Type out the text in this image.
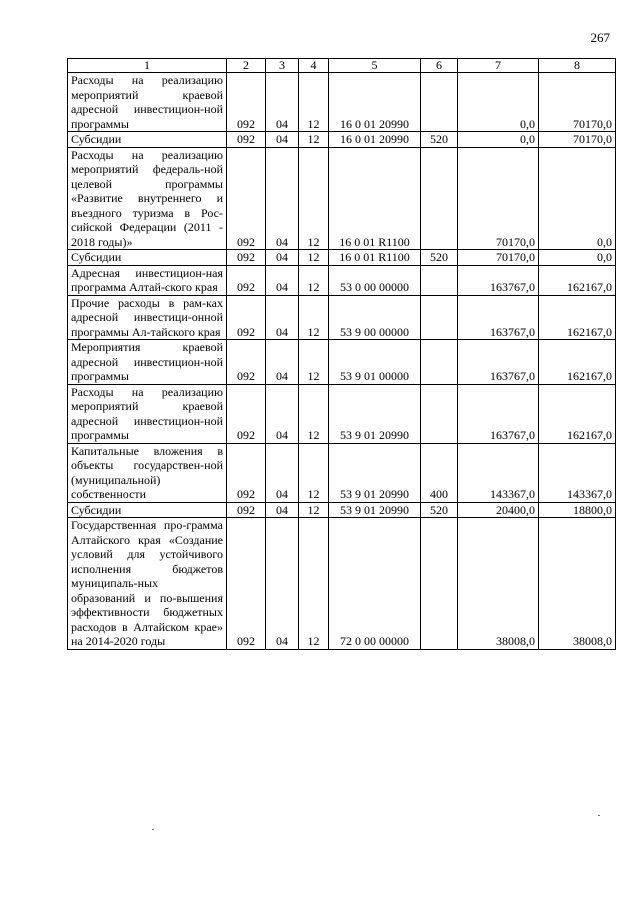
267
1	2	3	4	5	6	7	8
Расходы на реализацию мероприятий краевой адресной инвестицион-ной программы	092	04	12	16 0 01 20990		0,0	70170,0
Субсидии	092	04	12	16 0 01 20990	520	0,0	70170,0
Расходы на реализацию мероприятий федераль-ной целевой программы «Развитие внутреннего и въездного туризма в Рос-сийской Федерации (2011 - 2018 годы)»	092	04	12	16 0 01 R1100		70170,0	0,0
Субсидии	092	04	12	16 0 01 R1100	520	70170,0	0,0
Адресная инвестицион-ная программа Алтай-ского края	092	04	12	53 0 00 00000		163767,0	162167,0
Прочие расходы в рам-ках адресной инвестици-онной программы Ал-тайского края	092	04	12	53 9 00 00000		163767,0	162167,0
Мероприятия краевой адресной инвестицион-ной программы	092	04	12	53 9 01 00000		163767,0	162167,0
Расходы на реализацию мероприятий краевой адресной инвестицион-ной программы	092	04	12	53 9 01 20990		163767,0	162167,0
Капитальные вложения в объекты государствен-ной (муниципальной) собственности	092	04	12	53 9 01 20990	400	143367,0	143367,0
Субсидии	092	04	12	53 9 01 20990	520	20400,0	18800,0
Государственная про-грамма Алтайского края «Создание условий для устойчивого исполнения бюджетов муниципаль-ных образований и по-вышения эффективности бюджетных расходов в Алтайском крае» на 2014-2020 годы	092	04	12	72 0 00 00000		38008,0	38008,0
